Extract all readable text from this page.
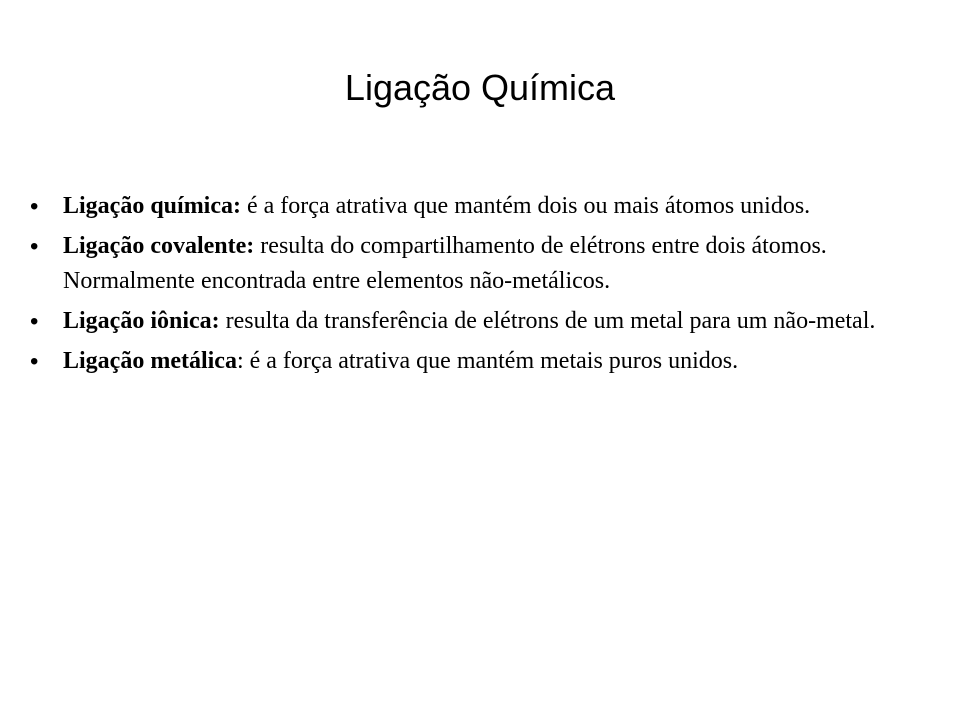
Ligação Química
•	Ligação química: é a força atrativa que mantém dois ou mais átomos unidos.
•	Ligação covalente: resulta do compartilhamento de elétrons entre dois átomos. Normalmente encontrada entre elementos não-metálicos.
•	Ligação iônica: resulta da transferência de elétrons de um metal para um não-metal.
•	Ligação metálica: é a força atrativa que mantém metais puros unidos.
